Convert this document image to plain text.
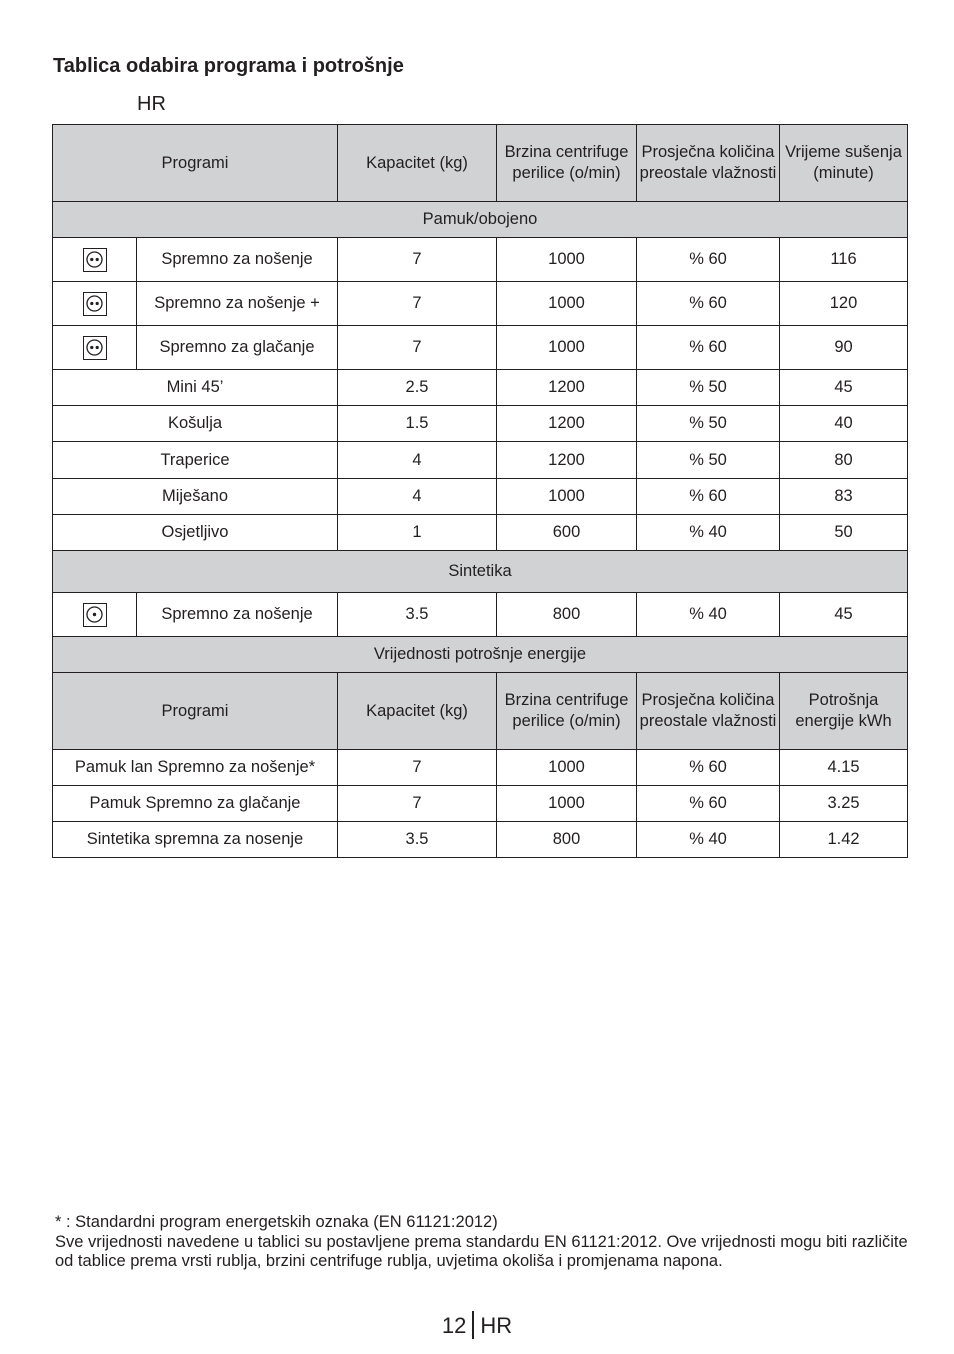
Tablica odabira programa i potrošnje
HR
Programi		Kapacitet (kg)	Brzina centrifuge perilice (o/min)	Prosječna količina preostale vlažnosti	Vrijeme sušenja (minute)
Pamuk/obojeno					

	Spremno za nošenje	7	1000	% 60	116

	Spremno za nošenje +	7	1000	% 60	120

	Spremno za glačanje	7	1000	% 60	90
Mini 45’		2.5	1200	% 50	45
Košulja		1.5	1200	% 50	40
Traperice		4	1200	% 50	80
Miješano		4	1000	% 60	83
Osjetljivo		1	600	% 40	50
Sintetika					

	Spremno za nošenje	3.5	800	% 40	45
Vrijednosti potrošnje energije					
Programi		Kapacitet (kg)	Brzina centrifuge perilice (o/min)	Prosječna količina preostale vlažnosti	Potrošnja energije kWh
Pamuk lan Spremno za nošenje*		7	1000	% 60	4.15
Pamuk Spremno za glačanje		7	1000	% 60	3.25
Sintetika spremna za nosenje		3.5	800	% 40	1.42

* : Standardni program energetskih oznaka (EN 61121:2012)

Sve vrijednosti navedene u tablici su postavljene prema standardu EN 61121:2012. Ove vrijednosti mogu biti različite od tablice prema vrsti rublja, brzini centrifuge rublja, uvjetima okoliša i promjenama napona.

12 HR
